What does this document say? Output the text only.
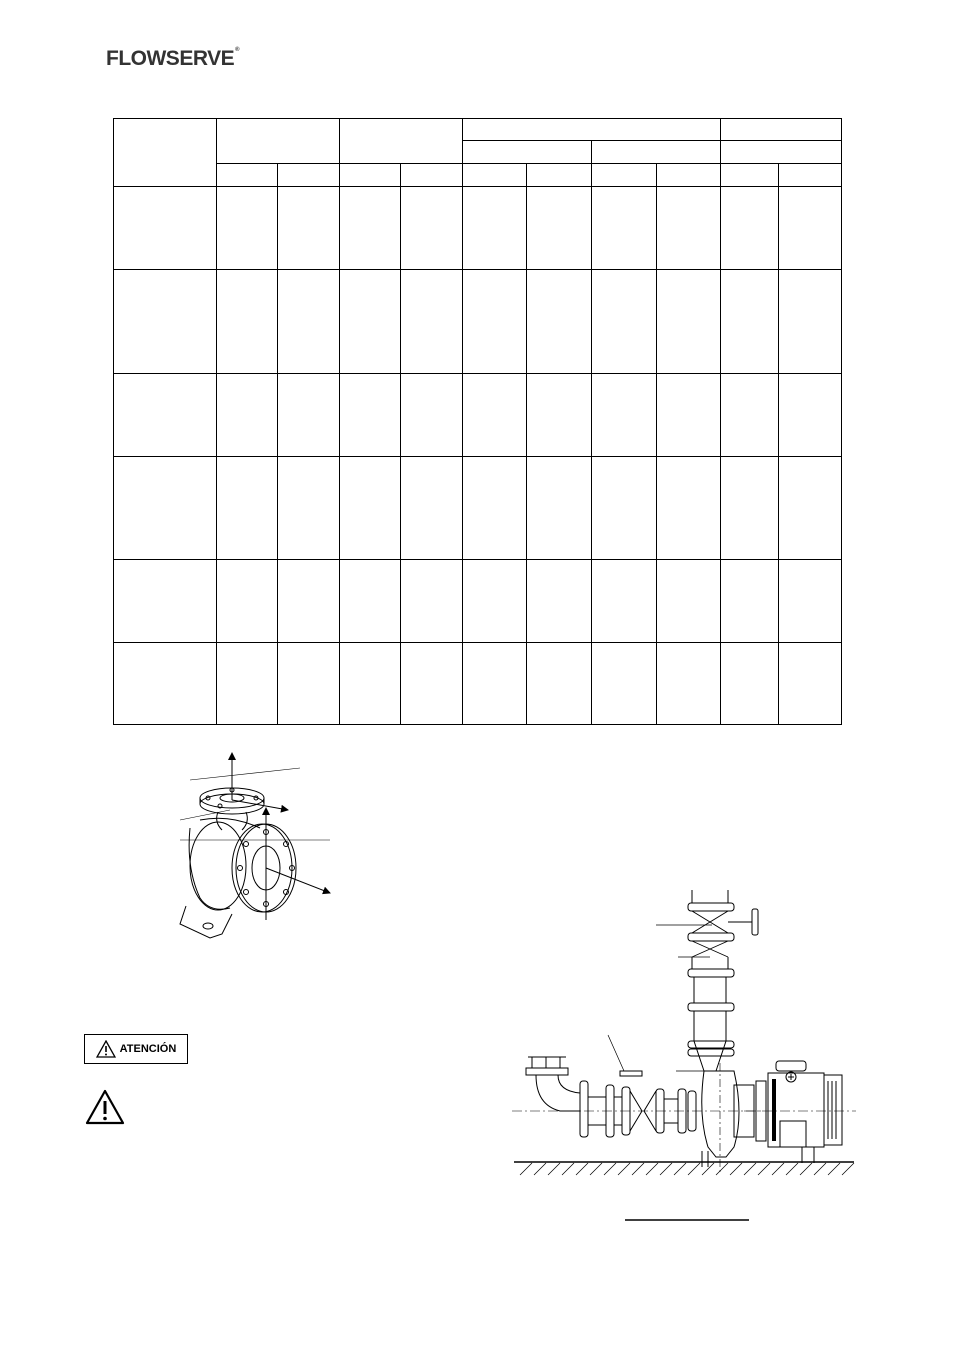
FLOWSERVE®

ATENCIÓN
